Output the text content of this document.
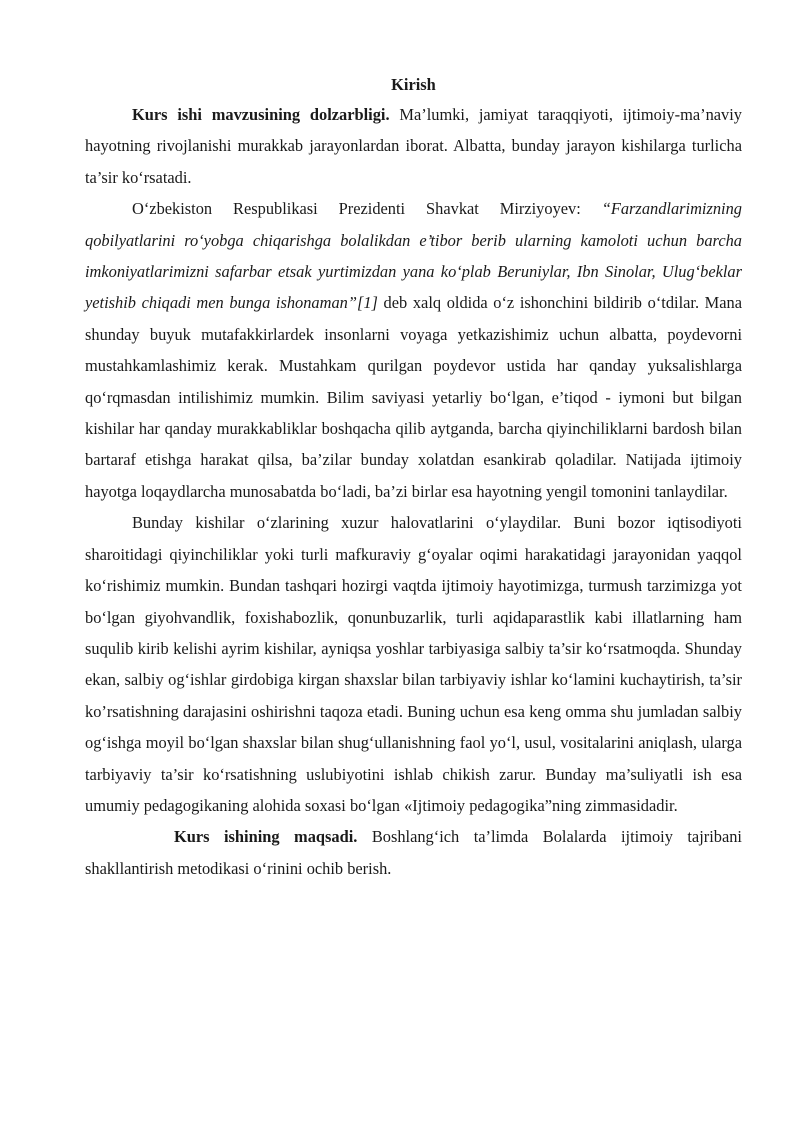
Kirish

Kurs ishi mavzusining dolzarbligi. Ma’lumki, jamiyat taraqqiyoti, ijtimoiy-ma’naviy hayotning rivojlanishi murakkab jarayonlardan iborat. Albatta, bunday jarayon kishilarga turlicha ta’sir ko‘rsatadi.

O‘zbekiston Respublikasi Prezidenti Shavkat Mirziyoyev: “Farzandlarimizning qobilyatlarini ro‘yobga chiqarishga bolalikdan e’tibor berib ularning kamoloti uchun barcha imkoniyatlarimizni safarbar etsak yurtimizdan yana ko‘plab Beruniylar, Ibn Sinolar, Ulug‘beklar yetishib chiqadi men bunga ishonaman”[1] deb xalq oldida o‘z ishonchini bildirib o‘tdilar. Mana shunday buyuk mutafakkirlardek insonlarni voyaga yetkazishimiz uchun albatta, poydevorni mustahkamlashimiz kerak. Mustahkam qurilgan poydevor ustida har qanday yuksalishlarga qo‘rqmasdan intilishimiz mumkin. Bilim saviyasi yetarliy bo‘lgan, e’tiqod - iymoni but bilgan kishilar har qanday murakkabliklar boshqacha qilib aytganda, barcha qiyinchiliklarni bardosh bilan bartaraf etishga harakat qilsa, ba’zilar bunday xolatdan esankirab qoladilar. Natijada ijtimoiy hayotga loqaydlarcha munosabatda bo‘ladi, ba’zi birlar esa hayotning yengil tomonini tanlaydilar.

Bunday kishilar o‘zlarining xuzur halovatlarini o‘ylaydilar. Buni bozor iqtisodiyoti sharoitidagi qiyinchiliklar yoki turli mafkuraviy g‘oyalar oqimi harakatidagi jarayonidan yaqqol ko‘rishimiz mumkin. Bundan tashqari hozirgi vaqtda ijtimoiy hayotimizga, turmush tarzimizga yot bo‘lgan giyohvandlik, foxishabozlik, qonunbuzarlik, turli aqidaparastlik kabi illatlarning ham suqulib kirib kelishi ayrim kishilar, ayniqsa yoshlar tarbiyasiga salbiy ta’sir ko‘rsatmoqda. Shunday ekan, salbiy og‘ishlar girdobiga kirgan shaxslar bilan tarbiyaviy ishlar ko‘lamini kuchaytirish, ta’sir ko’rsatishning darajasini oshirishni taqoza etadi. Buning uchun esa keng omma shu jumladan salbiy og‘ishga moyil bo‘lgan shaxslar bilan shug‘ullanishning faol yo‘l, usul, vositalarini aniqlash, ularga tarbiyaviy ta’sir ko‘rsatishning uslubiyotini ishlab chikish zarur. Bunday ma’suliyatli ish esa umumiy pedagogikaning alohida soxasi bo‘lgan «Ijtimoiy pedagogika”ning zimmasidadir.

Kurs ishining maqsadi. Boshlang‘ich ta’limda Bolalarda ijtimoiy tajribani shakllantirish metodikasi o‘rinini ochib berish.
